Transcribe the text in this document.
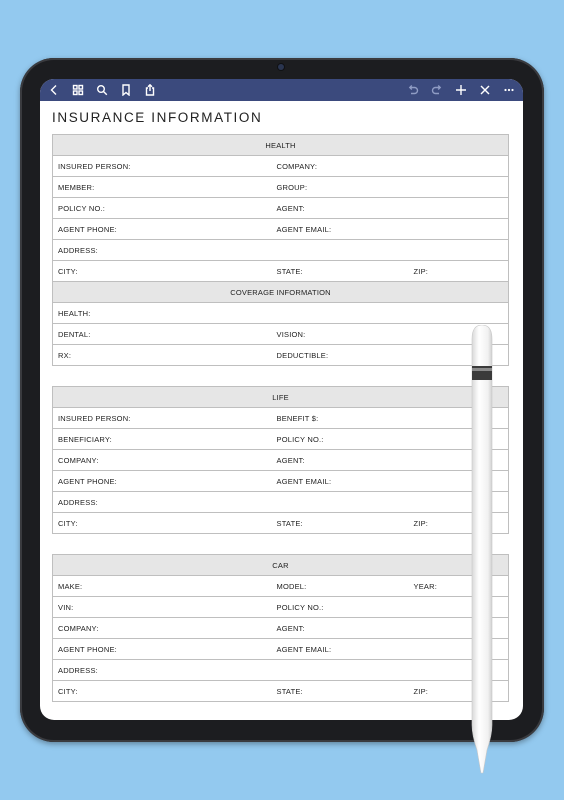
INSURANCE INFORMATION
HEALTH		
INSURED PERSON:	COMPANY:	
MEMBER:	GROUP:	
POLICY NO.:	AGENT:	
AGENT PHONE:	AGENT EMAIL:	
ADDRESS:		
CITY:	STATE:	ZIP:
COVERAGE INFORMATION		
HEALTH:		
DENTAL:	VISION:	
RX:	DEDUCTIBLE:	
LIFE		
INSURED PERSON:	BENEFIT $:	
BENEFICIARY:	POLICY NO.:	
COMPANY:	AGENT:	
AGENT PHONE:	AGENT EMAIL:	
ADDRESS:		
CITY:	STATE:	ZIP:
CAR		
MAKE:	MODEL:	YEAR:
VIN:	POLICY NO.:	
COMPANY:	AGENT:	
AGENT PHONE:	AGENT EMAIL:	
ADDRESS:		
CITY:	STATE:	ZIP:
